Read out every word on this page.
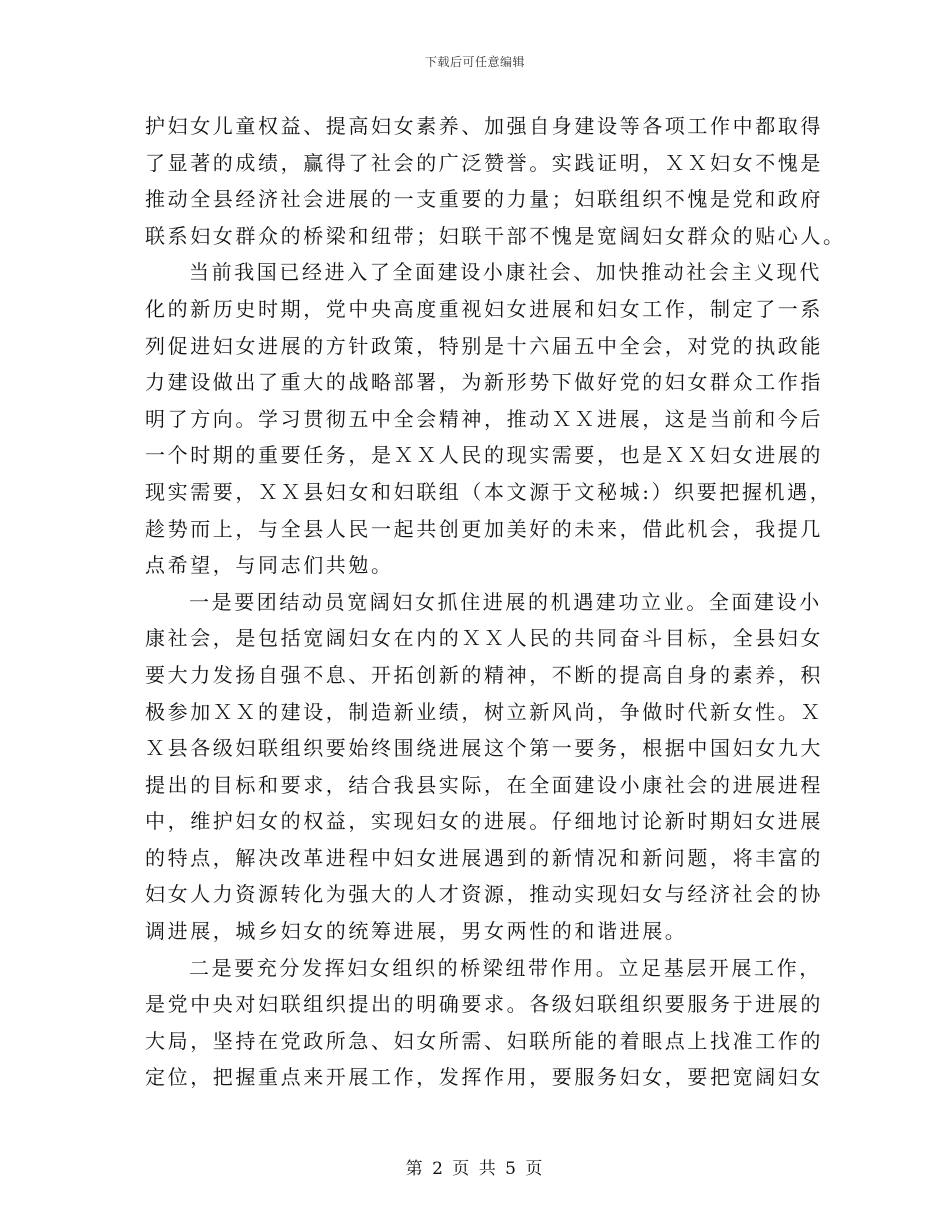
下载后可任意编辑
护妇女儿童权益、提高妇女素养、加强自身建设等各项工作中都取得
了显著的成绩，赢得了社会的广泛赞誉。实践证明，ＸＸ妇女不愧是
推动全县经济社会进展的一支重要的力量；妇联组织不愧是党和政府
联系妇女群众的桥梁和纽带；妇联干部不愧是宽阔妇女群众的贴心人。
当前我国已经进入了全面建设小康社会、加快推动社会主义现代
化的新历史时期，党中央高度重视妇女进展和妇女工作，制定了一系
列促进妇女进展的方针政策，特别是十六届五中全会，对党的执政能
力建设做出了重大的战略部署，为新形势下做好党的妇女群众工作指
明了方向。学习贯彻五中全会精神，推动ＸＸ进展，这是当前和今后
一个时期的重要任务，是ＸＸ人民的现实需要，也是ＸＸ妇女进展的
现实需要，ＸＸ县妇女和妇联组（本文源于文秘城:）织要把握机遇，
趁势而上，与全县人民一起共创更加美好的未来，借此机会，我提几
点希望，与同志们共勉。
一是要团结动员宽阔妇女抓住进展的机遇建功立业。全面建设小
康社会，是包括宽阔妇女在内的ＸＸ人民的共同奋斗目标，全县妇女
要大力发扬自强不息、开拓创新的精神，不断的提高自身的素养，积
极参加ＸＸ的建设，制造新业绩，树立新风尚，争做时代新女性。Ｘ
Ｘ县各级妇联组织要始终围绕进展这个第一要务，根据中国妇女九大
提出的目标和要求，结合我县实际，在全面建设小康社会的进展进程
中，维护妇女的权益，实现妇女的进展。仔细地讨论新时期妇女进展
的特点，解决改革进程中妇女进展遇到的新情况和新问题，将丰富的
妇女人力资源转化为强大的人才资源，推动实现妇女与经济社会的协
调进展，城乡妇女的统筹进展，男女两性的和谐进展。
二是要充分发挥妇女组织的桥梁纽带作用。立足基层开展工作，
是党中央对妇联组织提出的明确要求。各级妇联组织要服务于进展的
大局，坚持在党政所急、妇女所需、妇联所能的着眼点上找准工作的
定位，把握重点来开展工作，发挥作用，要服务妇女，要把宽阔妇女
第 2 页 共 5 页
